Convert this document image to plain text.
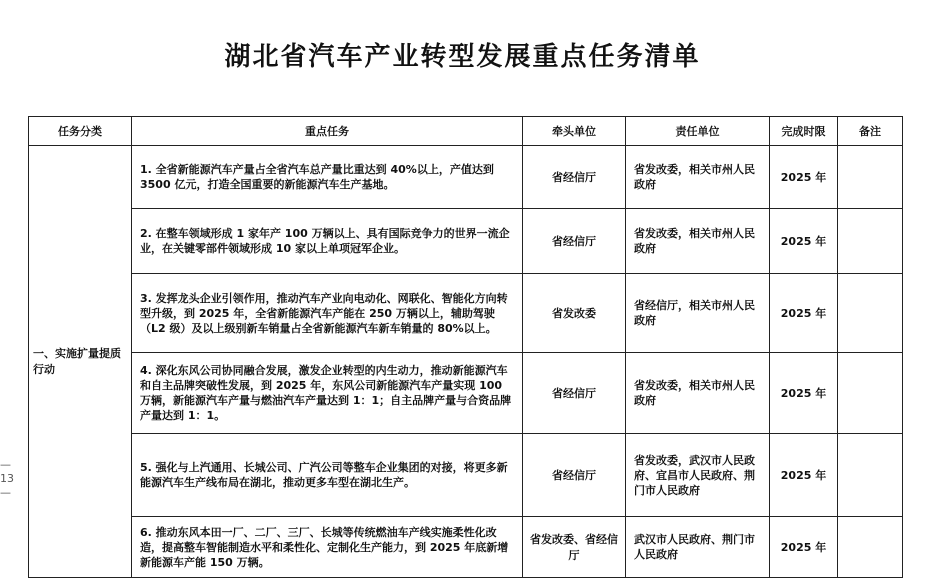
湖北省汽车产业转型发展重点任务清单
—
13
—
任务分类	重点任务	牵头单位	责任单位	完成时限	备注
一、实施扩量提质行动	1. 全省新能源汽车产量占全省汽车总产量比重达到 40%以上，产值达到 3500 亿元，打造全国重要的新能源汽车生产基地。	省经信厅	省发改委，相关市州人民政府	2025 年	
	2. 在整车领域形成 1 家年产 100 万辆以上、具有国际竞争力的世界一流企业，在关键零部件领域形成 10 家以上单项冠军企业。	省经信厅	省发改委，相关市州人民政府	2025 年	
	3. 发挥龙头企业引领作用，推动汽车产业向电动化、网联化、智能化方向转型升级，到 2025 年，全省新能源汽车产能在 250 万辆以上，辅助驾驶（L2 级）及以上级别新车销量占全省新能源汽车新车销量的 80%以上。	省发改委	省经信厅，相关市州人民政府	2025 年	
	4. 深化东风公司协同融合发展，激发企业转型的内生动力，推动新能源汽车和自主品牌突破性发展，到 2025 年，东风公司新能源汽车产量实现 100 万辆，新能源汽车产量与燃油汽车产量达到 1：1；自主品牌产量与合资品牌产量达到 1：1。	省经信厅	省发改委，相关市州人民政府	2025 年	
	5. 强化与上汽通用、长城公司、广汽公司等整车企业集团的对接，将更多新能源汽车生产线布局在湖北，推动更多车型在湖北生产。	省经信厅	省发改委，武汉市人民政府、宜昌市人民政府、荆门市人民政府	2025 年	
	6. 推动东风本田一厂、二厂、三厂、长城等传统燃油车产线实施柔性化改造，提高整车智能制造水平和柔性化、定制化生产能力，到 2025 年底新增新能源车产能 150 万辆。	省发改委、省经信厅	武汉市人民政府、荆门市人民政府	2025 年	
